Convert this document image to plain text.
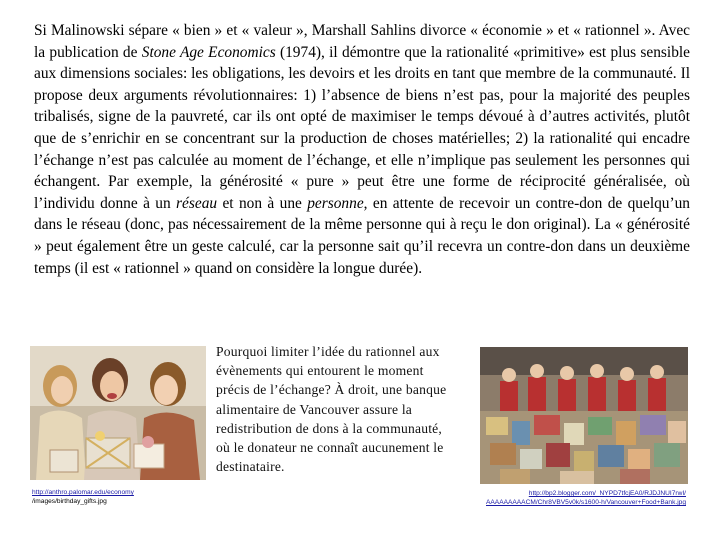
Si Malinowski sépare « bien » et « valeur », Marshall Sahlins divorce « économie » et « rationnel ». Avec la publication de Stone Age Economics (1974), il démontre que la rationalité «primitive» est plus sensible aux dimensions sociales: les obligations, les devoirs et les droits en tant que membre de la communauté. Il propose deux arguments révolutionnaires: 1) l’absence de biens n’est pas, pour la majorité des peuples tribalisés, signe de la pauvreté, car ils ont opté de maximiser le temps dévoué à d’autres activités, plutôt que de s’enrichir en se concentrant sur la production de choses matérielles; 2) la rationalité qui encadre l’échange n’est pas calculée au moment de l’échange, et elle n’implique pas seulement les personnes qui échangent. Par exemple, la générosité « pure » peut être une forme de réciprocité généralisée, où l’individu donne à un réseau et non à une personne, en attente de recevoir un contre-don de quelqu’un dans le réseau (donc, pas nécessairement de la même personne qui à reçu le don original). La « générosité » peut également être un geste calculé, car la personne sait qu’il recevra un contre-don dans un deuxième temps (il est « rationnel » quand on considère la longue durée).

Pourquoi limiter l’idée du rationnel aux évènements qui entourent le moment précis de l’échange? À droit, une banque alimentaire de Vancouver assure la redistribution de dons à la communauté, où le donateur ne connaît aucunement le destinataire.
http://anthro.palomar.edu/economy
/images/birthday_gifts.jpg
http://bp2.blogger.com/_NYPD7tfcjEA0/RJDJNUI7rwI/
AAAAAAAAACM/Chr8VBV5v0k/s1600-h/Vancouver+Food+Bank.jpg
